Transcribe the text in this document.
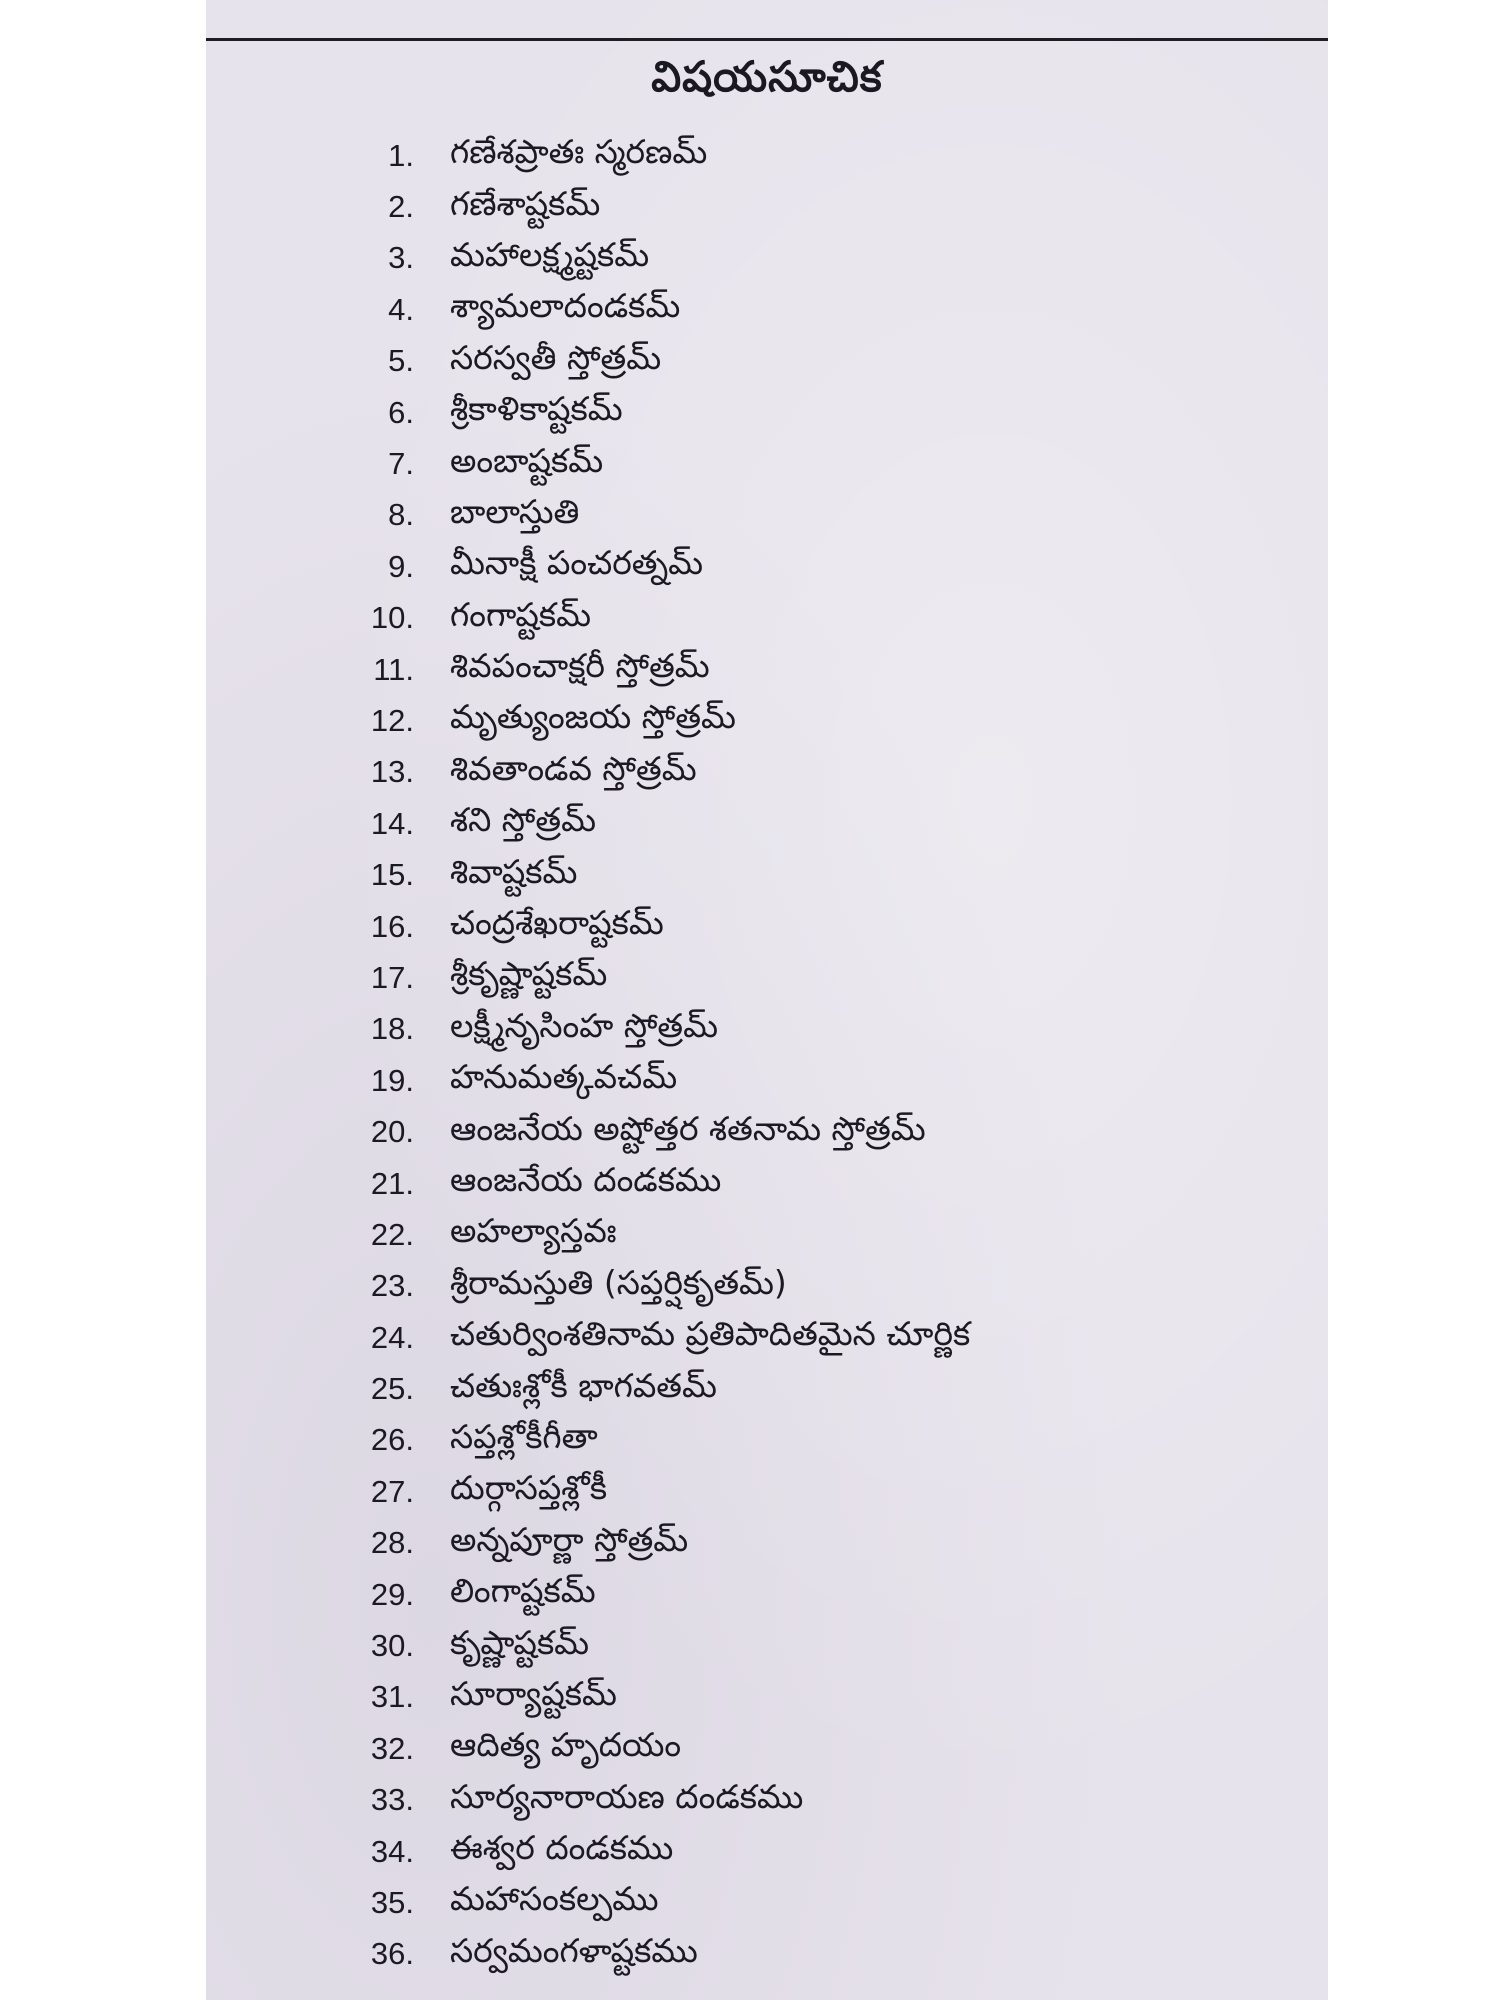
విషయసూచిక
1.	గణేశప్రాతః స్మరణమ్
2.	గణేశాష్టకమ్
3.	మహాలక్ష్మష్టకమ్
4.	శ్యామలాదండకమ్
5.	సరస్వతీ స్తోత్రమ్
6.	శ్రీకాళికాష్టకమ్
7.	అంబాష్టకమ్
8.	బాలాస్తుతి
9.	మీనాక్షీ పంచరత్నమ్
10.	గంగాష్టకమ్
11.	శివపంచాక్షరీ స్తోత్రమ్
12.	మృత్యుంజయ స్తోత్రమ్
13.	శివతాండవ స్తోత్రమ్
14.	శని స్తోత్రమ్
15.	శివాష్టకమ్
16.	చంద్రశేఖరాష్టకమ్
17.	శ్రీకృష్ణాష్టకమ్
18.	లక్ష్మీనృసింహ స్తోత్రమ్
19.	హనుమత్కవచమ్
20.	ఆంజనేయ అష్టోత్తర శతనామ స్తోత్రమ్
21.	ఆంజనేయ దండకము
22.	అహల్యాస్తవః
23.	శ్రీరామస్తుతి (సప్తర్షికృతమ్)
24.	చతుర్వింశతినామ ప్రతిపాదితమైన చూర్ణిక
25.	చతుఃశ్లోకీ భాగవతమ్
26.	సప్తశ్లోకీగీతా
27.	దుర్గాసప్తశ్లోకీ
28.	అన్నపూర్ణా స్తోత్రమ్
29.	లింగాష్టకమ్
30.	కృష్ణాష్టకమ్
31.	సూర్యాష్టకమ్
32.	ఆదిత్య హృదయం
33.	సూర్యనారాయణ దండకము
34.	ఈశ్వర దండకము
35.	మహాసంకల్పము
36.	సర్వమంగళాష్టకము
